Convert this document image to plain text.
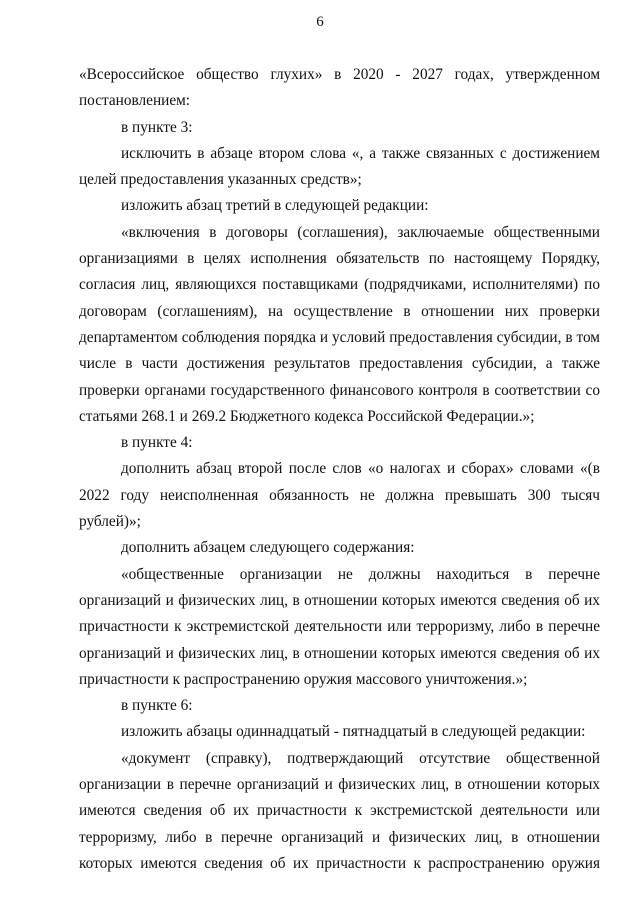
6

«Всероссийское общество глухих» в 2020 - 2027 годах, утвержденном постановлением:

в пункте 3:

исключить в абзаце втором слова «, а также связанных с достижением целей предоставления указанных средств»;

изложить абзац третий в следующей редакции:

«включения в договоры (соглашения), заключаемые общественными организациями в целях исполнения обязательств по настоящему Порядку, согласия лиц, являющихся поставщиками (подрядчиками, исполнителями) по договорам (соглашениям), на осуществление в отношении них проверки департаментом соблюдения порядка и условий предоставления субсидии, в том числе в части достижения результатов предоставления субсидии, а также проверки органами государственного финансового контроля в соответствии со статьями 268.1 и 269.2 Бюджетного кодекса Российской Федерации.»;

в пункте 4:

дополнить абзац второй после слов «о налогах и сборах» словами «(в 2022 году неисполненная обязанность не должна превышать 300 тысяч рублей)»;

дополнить абзацем следующего содержания:

«общественные организации не должны находиться в перечне организаций и физических лиц, в отношении которых имеются сведения об их причастности к экстремистской деятельности или терроризму, либо в перечне организаций и физических лиц, в отношении которых имеются сведения об их причастности к распространению оружия массового уничтожения.»;

в пункте 6:

изложить абзацы одиннадцатый - пятнадцатый в следующей редакции:

«документ (справку), подтверждающий отсутствие общественной организации в перечне организаций и физических лиц, в отношении которых имеются сведения об их причастности к экстремистской деятельности или терроризму, либо в перечне организаций и физических лиц, в отношении которых имеются сведения об их причастности к распространению оружия
